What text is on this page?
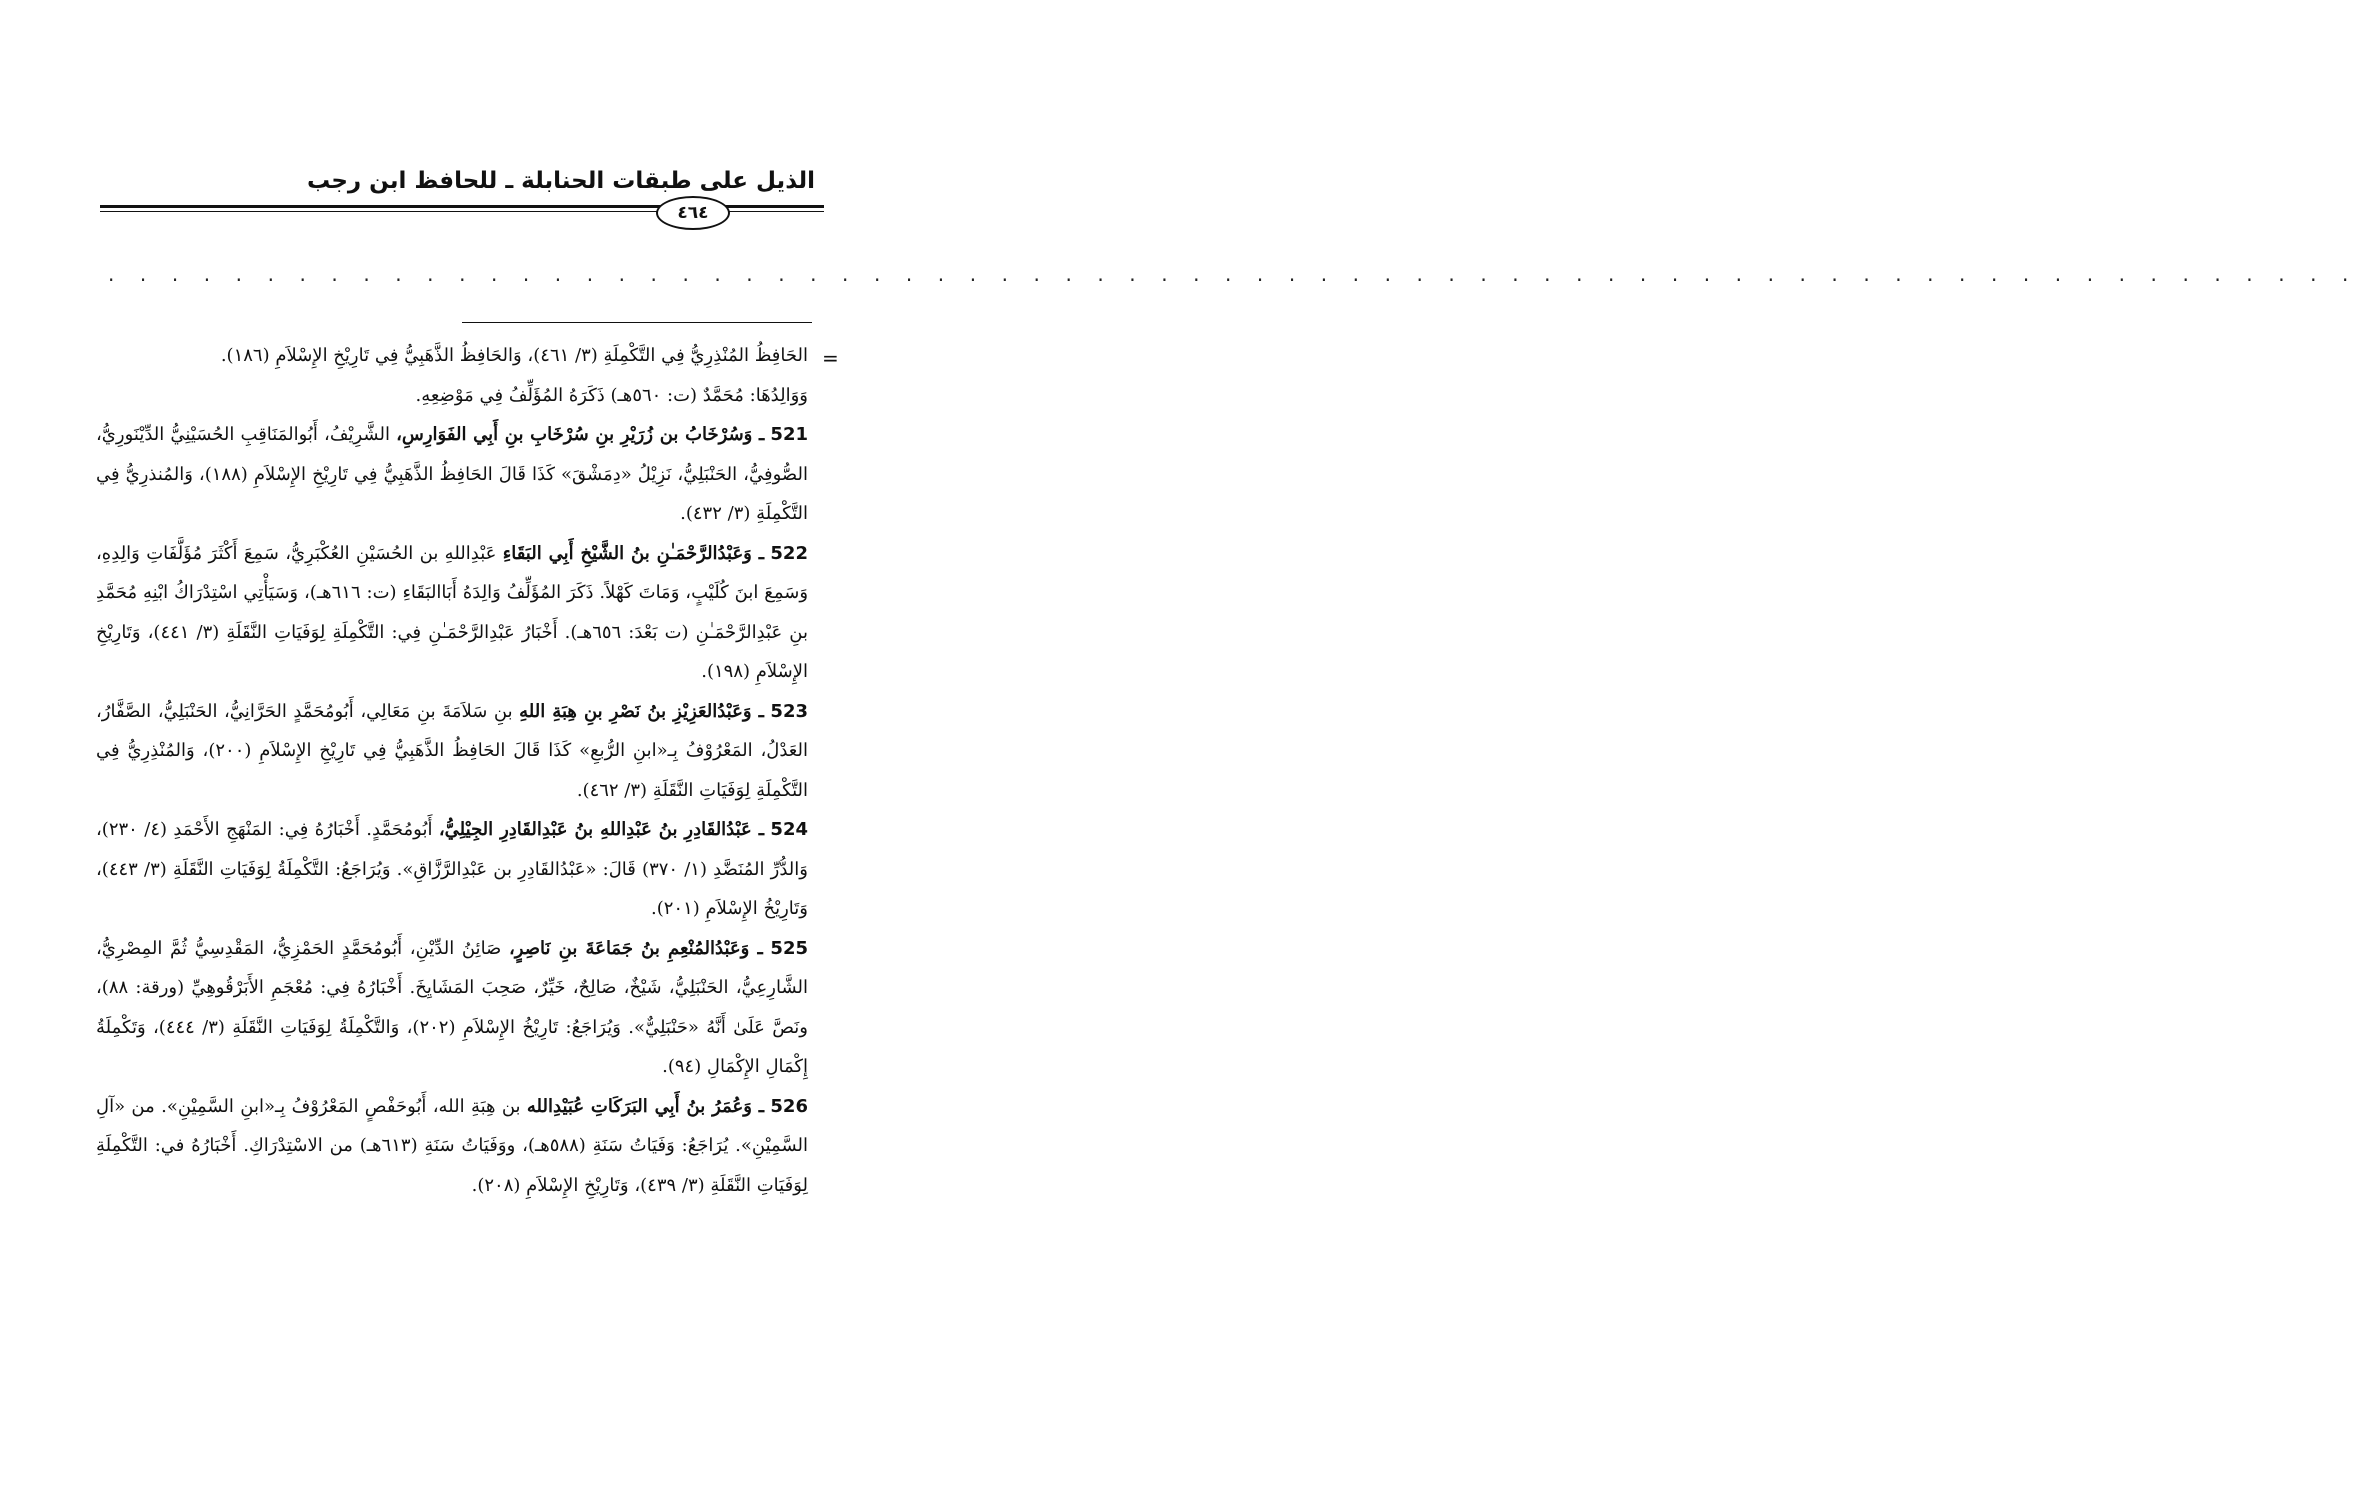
الذيل على طبقات الحنابلة ـ للحافظ ابن رجب
٤٦٤
. . . . . . . . . . . . . . . . . . . . . . . . . . . . . . . . . . . . . . . . . . . . . . . . . . . . . . . . . . . . . . . . . . . . . . .
=

الحَافِظُ المُنْذِرِيُّ فِي التَّكْمِلَةِ (٣/ ٤٦١)، وَالحَافِظُ الذَّهَبِيُّ فِي تَارِيْخِ الإِسْلاَمِ (١٨٦).

وَوَالِدُهَا: مُحَمَّدٌ (ت: ٥٦٠هـ) ذَكَرَهُ المُؤَلِّفُ فِي مَوْضِعِهِ.

521 ـ وَسُرْخَابُ بن زُرَيْرِ بنِ سُرْخَابِ بنِ أَبِي الفَوَارِسِ، الشَّرِيْفُ، أَبُوالمَنَاقِبِ الحُسَيْنِيُّ الدِّيْنَورِيُّ، الصُّوفِيُّ، الحَنْبَلِيُّ، نَزِيْلُ «دِمَشْقَ» كَذَا قَالَ الحَافِظُ الذَّهَبِيُّ فِي تَارِيْخِ الإِسْلاَمِ (١٨٨)، وَالمُنذرِيُّ فِي التَّكْمِلَةِ (٣/ ٤٣٢).

522 ـ وَعَبْدُالرَّحْمَـٰنِ بنُ الشَّيْخِ أَبِي البَقَاءِ عَبْدِاللهِ بن الحُسَيْنِ العُكْبَرِيُّ، سَمِعَ أَكْثَرَ مُؤَلَّفَاتِ وَالِدِهِ، وَسَمِعَ ابنَ كُلَيْبٍ، وَمَاتَ كَهْلاً. ذَكَرَ المُؤَلِّفُ وَالِدَهُ أَبَاالبَقَاءِ (ت: ٦١٦هـ)، وَسَيَأْتِي اسْتِدْرَاكُ ابْنِهِ مُحَمَّدِ بنِ عَبْدِالرَّحْمَـٰنِ (ت بَعْدَ: ٦٥٦هـ). أَخْبَارُ عَبْدِالرَّحْمَـٰنِ فِي: التَّكْمِلَةِ لِوَفَيَاتِ النَّقَلَةِ (٣/ ٤٤١)، وَتَارِيْخِ الإِسْلاَمِ (١٩٨).

523 ـ وَعَبْدُالعَزِيْزِ بنُ نَصْرِ بنِ هِبَةِ اللهِ بنِ سَلاَمَةَ بنِ مَعَالِي، أَبُومُحَمَّدٍ الحَرَّانِيُّ، الحَنْبَلِيُّ، الصَّفَّارُ، العَدْلُ، المَعْرُوْفُ بِـ«ابنِ الرُّبعِ» كَذَا قَالَ الحَافِظُ الذَّهَبِيُّ فِي تَارِيْخِ الإِسْلاَمِ (٢٠٠)، وَالمُنْذِرِيُّ فِي التَّكْمِلَةِ لِوَفَيَاتِ النَّقَلَةِ (٣/ ٤٦٢).

524 ـ عَبْدُالقَادِرِ بنُ عَبْدِاللهِ بنُ عَبْدِالقَادِرِ الجِيْلِيُّ، أَبُومُحَمَّدٍ. أَخْبَارُهُ فِي: المَنْهَجِ الأَحْمَدِ (٤/ ٢٣٠)، وَالدُّرِّ المُنَضَّدِ (١/ ٣٧٠) قَالَ: «عَبْدُالقَادِرِ بن عَبْدِالرَّزَّاقِ». وَيُرَاجَعُ: التَّكْمِلَةُ لِوَفَيَاتِ النَّقَلَةِ (٣/ ٤٤٣)، وَتَارِيْخُ الإِسْلاَمِ (٢٠١).

525 ـ وَعَبْدُالمُنْعِمِ بنُ جَمَاعَةَ بنِ نَاصِرٍ، صَائِنُ الدِّيْنِ، أَبُومُحَمَّدٍ الحَمْزِيُّ، المَقْدِسِيُّ ثُمَّ المِصْرِيُّ، الشَّارِعِيُّ، الحَنْبَلِيُّ، شَيْخٌ، صَالِحٌ، خَيِّرٌ، صَحِبَ المَشَايِخَ. أَخْبَارُهُ فِي: مُعْجَمِ الأَبَرْقُوهِيِّ (ورقة: ٨٨)، ونَصَّ عَلَىٰ أَنَّهُ «حَنْبَلِيٌّ». وَيُرَاجَعُ: تَارِيْخُ الإِسْلاَمِ (٢٠٢)، وَالتَّكْمِلَةُ لِوَفَيَاتِ النَّقَلَةِ (٣/ ٤٤٤)، وَتَكْمِلَةُ إِكْمَالِ الإِكْمَالِ (٩٤).

526 ـ وَعُمَرُ بنُ أَبِي البَرَكَاتِ عُبَيْدِالله بن هِبَةِ الله، أَبُوحَفْصٍ المَعْرُوْفُ بِـ«ابنِ السَّمِيْنِ». من «آلِ السَّمِيْنِ». يُرَاجَعُ: وَفَيَاتُ سَنَةِ (٥٨٨هـ)، ووَفَيَاتُ سَنَةِ (٦١٣هـ) من الاسْتِدْرَاكِ. أَخْبَارُهُ في: التَّكْمِلَةِ لِوَفَيَاتِ النَّقَلَةِ (٣/ ٤٣٩)، وَتَارِيْخِ الإِسْلاَمِ (٢٠٨).
